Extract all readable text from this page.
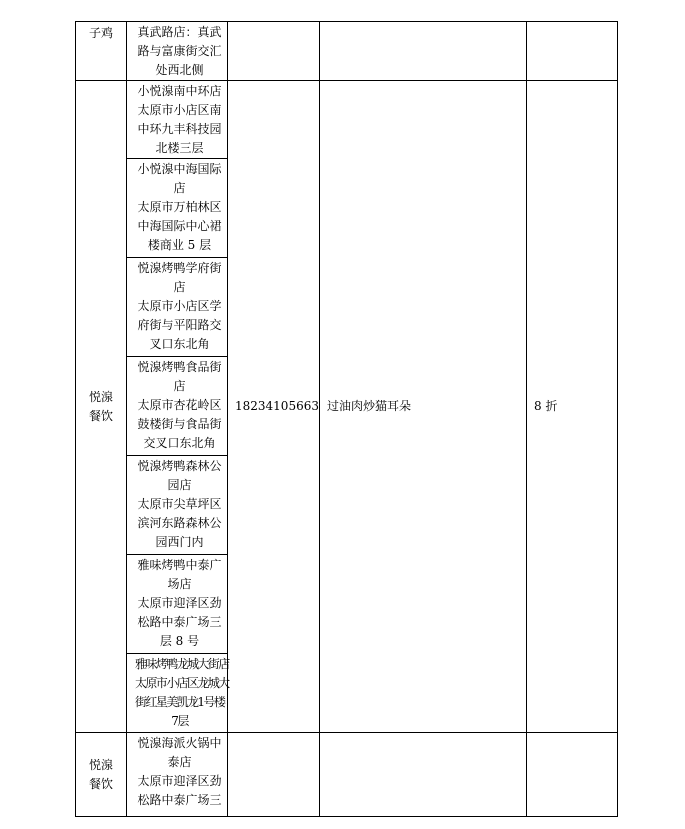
子鸡	真武路店：真武
路与富康街交汇
处西北侧			

悦湶
餐饮	小悦湶南中环店
太原市小店区南
中环九丰科技园
北楼三层	18234105663	过油肉炒猫耳朵	8 折

	小悦湶中海国际
店
太原市万柏林区
中海国际中心裙
楼商业 5 层			

	悦湶烤鸭学府街
店
太原市小店区学
府街与平阳路交
叉口东北角			

	悦湶烤鸭食品街
店
太原市杏花岭区
鼓楼街与食品街
交叉口东北角			

	悦湶烤鸭森林公
园店
太原市尖草坪区
滨河东路森林公
园西门内			

	雅味烤鸭中泰广
场店
太原市迎泽区劲
松路中泰广场三
层 8 号			

	雅味烤鸭龙城大街店
太原市小店区龙城大
街红星美凯龙1号楼
7层			

悦湶
餐饮	悦湶海派火锅中
泰店
太原市迎泽区劲
松路中泰广场三			
